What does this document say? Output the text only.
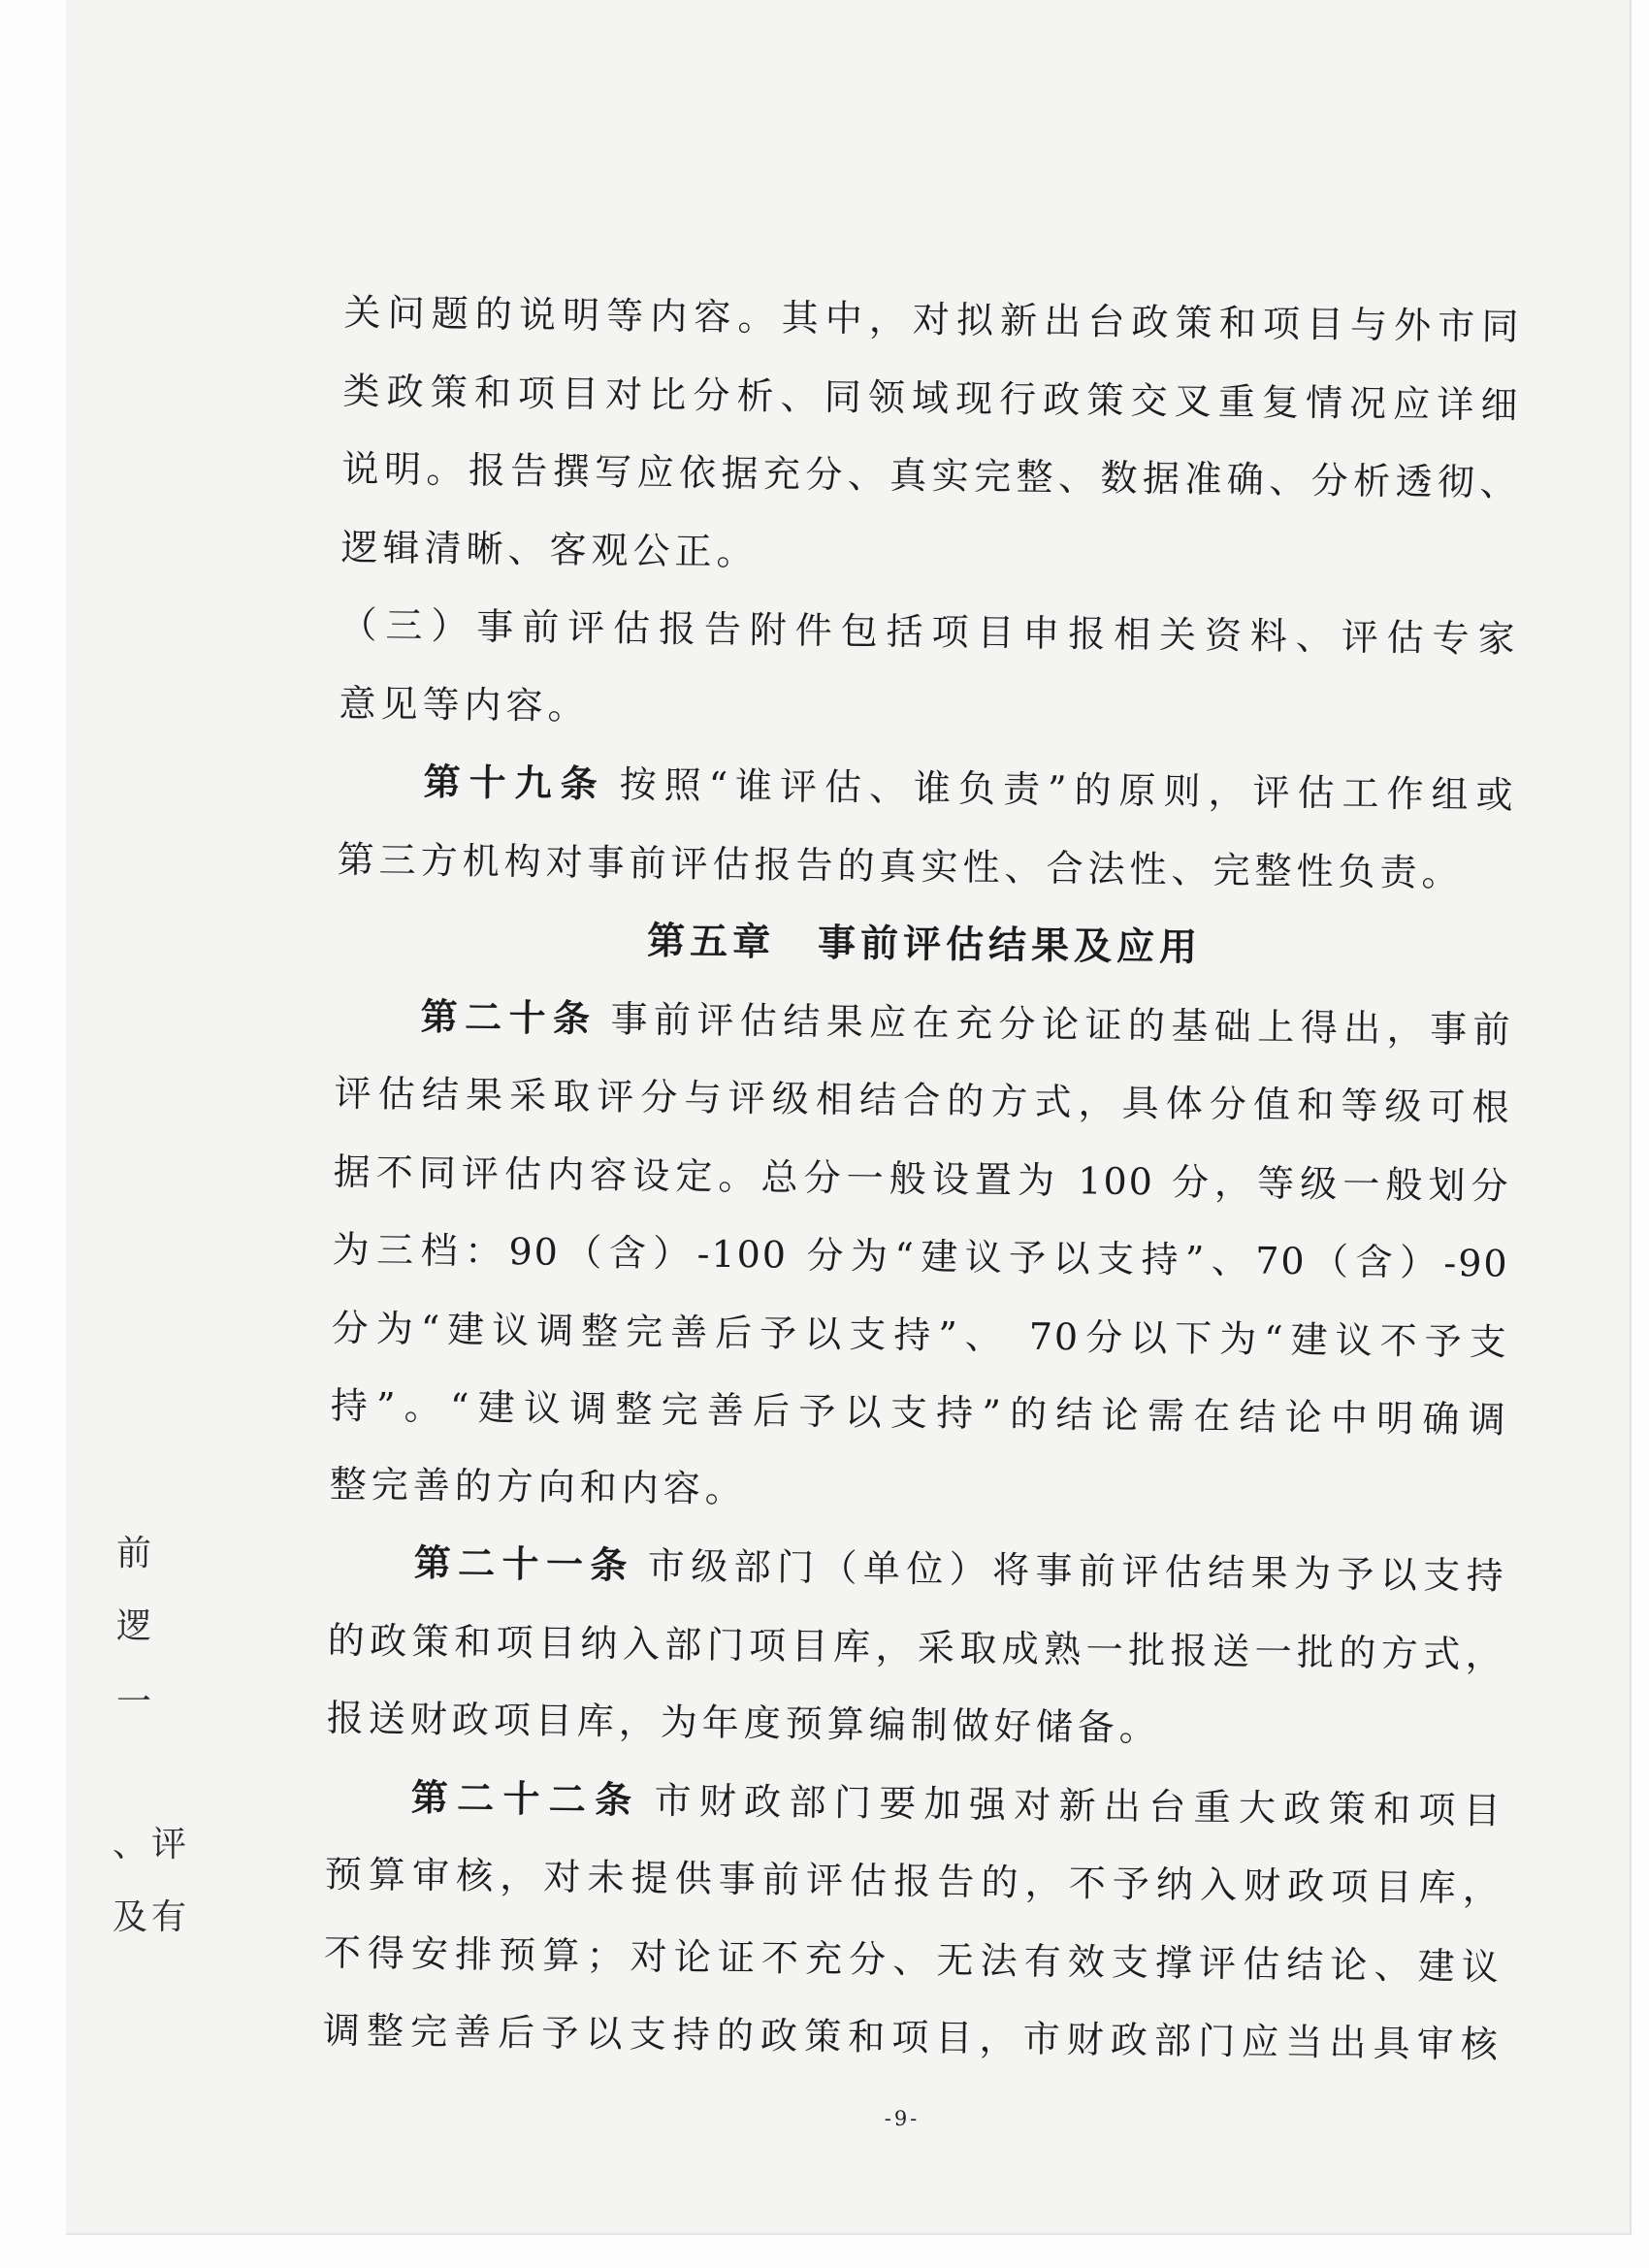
前
逻
一
、评
及有
关问题的说明等内容。其中，对拟新出台政策和项目与外市同
类政策和项目对比分析、同领域现行政策交叉重复情况应详细
说明。报告撰写应依据充分、真实完整、数据准确、分析透彻、
逻辑清晰、客观公正。
（三）事前评估报告附件包括项目申报相关资料、评估专家
意见等内容。
第十九条 按照“谁评估、谁负责”的原则，评估工作组或
第三方机构对事前评估报告的真实性、合法性、完整性负责。
第五章　事前评估结果及应用
第二十条 事前评估结果应在充分论证的基础上得出，事前
评估结果采取评分与评级相结合的方式，具体分值和等级可根
据不同评估内容设定。总分一般设置为 100 分，等级一般划分
为三档：90（含）-100 分为“建议予以支持”、70（含）-90
分为“建议调整完善后予以支持”、 70分以下为“建议不予支
持”。“建议调整完善后予以支持”的结论需在结论中明确调
整完善的方向和内容。
第二十一条 市级部门（单位）将事前评估结果为予以支持
的政策和项目纳入部门项目库，采取成熟一批报送一批的方式，
报送财政项目库，为年度预算编制做好储备。
第二十二条 市财政部门要加强对新出台重大政策和项目
预算审核，对未提供事前评估报告的，不予纳入财政项目库，
不得安排预算；对论证不充分、无法有效支撑评估结论、建议
调整完善后予以支持的政策和项目，市财政部门应当出具审核
-9-
